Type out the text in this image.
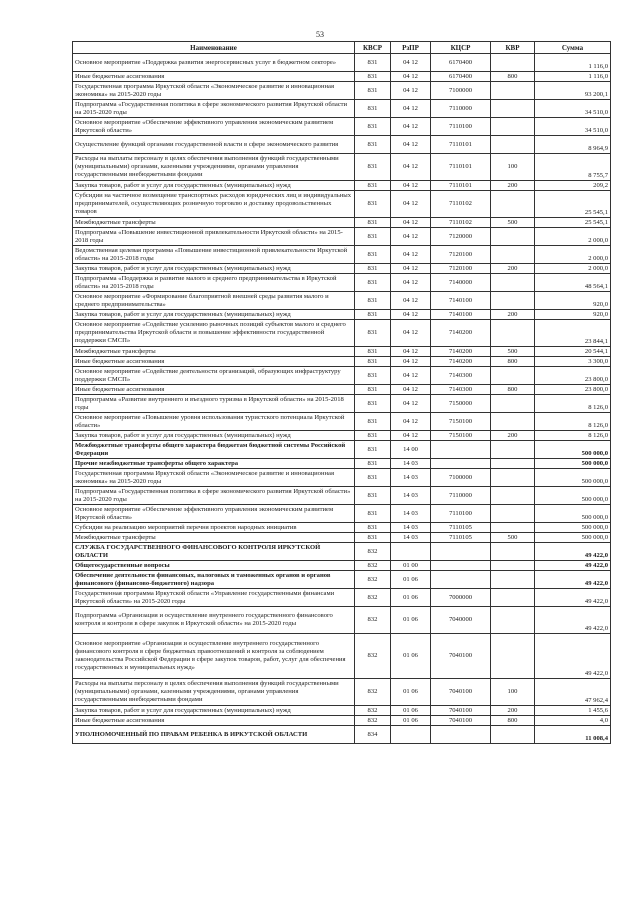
53
Наименование	КВСР	РзПР	КЦСР	КВР	Сумма
Основное мероприятие «Поддержка развития энергосервисных услуг в бюджетном секторе»	831	04 12	6170400		1 116,0
Иные бюджетные ассигнования	831	04 12	6170400	800	1 116,0
Государственная программа Иркутской области «Экономическое развитие и инновационная экономика» на 2015-2020 годы	831	04 12	7100000		93 200,1
Подпрограмма «Государственная политика в сфере экономического развития Иркутской области на 2015-2020 годы	831	04 12	7110000		34 510,0
Основное мероприятие «Обеспечение эффективного управления экономическим развитием Иркутской области»	831	04 12	7110100		34 510,0
Осуществление функций органами государственной власти в сфере экономического развития	831	04 12	7110101		8 964,9
Расходы на выплаты персоналу в целях обеспечения выполнения функций государственными (муниципальными) органами, казенными учреждениями, органами управления государственными внебюджетными фондами	831	04 12	7110101	100	8 755,7
Закупка товаров, работ и услуг для государственных (муниципальных) нужд	831	04 12	7110101	200	209,2
Субсидии на частичное возмещение транспортных расходов юридических лиц и индивидуальных предпринимателей, осуществляющих розничную торговлю и доставку продовольственных товаров	831	04 12	7110102		25 545,1
Межбюджетные трансферты	831	04 12	7110102	500	25 545,1
Подпрограмма «Повышение инвестиционной привлекательности Иркутской области» на 2015-2018 годы	831	04 12	7120000		2 000,0
Ведомственная целевая программа «Повышение инвестиционной привлекательности Иркутской области» на 2015-2018 годы	831	04 12	7120100		2 000,0
Закупка товаров, работ и услуг для государственных (муниципальных) нужд	831	04 12	7120100	200	2 000,0
Подпрограмма «Поддержка и развитие малого и среднего предпринимательства в Иркутской области» на 2015-2018 годы	831	04 12	7140000		48 564,1
Основное мероприятие «Формирование благоприятной внешней среды развития малого и среднего предпринимательства»	831	04 12	7140100		920,0
Закупка товаров, работ и услуг для государственных (муниципальных) нужд	831	04 12	7140100	200	920,0
Основное мероприятие «Содействие усилению рыночных позиций субъектов малого и среднего предпринимательства Иркутской области и повышение эффективности государственной поддержки СМСП»	831	04 12	7140200		23 844,1
Межбюджетные трансферты	831	04 12	7140200	500	20 544,1
Иные бюджетные ассигнования	831	04 12	7140200	800	3 300,0
Основное мероприятие «Содействие деятельности организаций, образующих инфраструктуру поддержки СМСП»	831	04 12	7140300		23 800,0
Иные бюджетные ассигнования	831	04 12	7140300	800	23 800,0
Подпрограмма «Развитие внутреннего и въездного туризма в Иркутской области» на 2015-2018 годы	831	04 12	7150000		8 126,0
Основное мероприятие «Повышение уровня использования туристского потенциала Иркутской области»	831	04 12	7150100		8 126,0
Закупка товаров, работ и услуг для государственных (муниципальных) нужд	831	04 12	7150100	200	8 126,0
Межбюджетные трансферты общего характера бюджетам бюджетной системы Российской Федерации	831	14 00			500 000,0
Прочие межбюджетные трансферты общего характера	831	14 03			500 000,0
Государственная программа Иркутской области «Экономическое развитие и инновационная экономика» на 2015-2020 годы	831	14 03	7100000		500 000,0
Подпрограмма «Государственная политика в сфере экономического развития Иркутской области» на 2015-2020 годы	831	14 03	7110000		500 000,0
Основное мероприятие «Обеспечение эффективного управления экономическим развитием Иркутской области»	831	14 03	7110100		500 000,0
Субсидии на реализацию мероприятий перечня проектов народных инициатив	831	14 03	7110105		500 000,0
Межбюджетные трансферты	831	14 03	7110105	500	500 000,0
СЛУЖБА ГОСУДАРСТВЕННОГО ФИНАНСОВОГО КОНТРОЛЯ ИРКУТСКОЙ ОБЛАСТИ	832				49 422,0
Общегосударственные вопросы	832	01 00			49 422,0
Обеспечение деятельности финансовых, налоговых и таможенных органов и органов финансового (финансово-бюджетного) надзора	832	01 06			49 422,0
Государственная программа Иркутской области «Управление государственными финансами Иркутской области» на 2015-2020 годы	832	01 06	7000000		49 422,0
Подпрограмма «Организация и осуществление внутреннего государственного финансового контроля и контроля в сфере закупок в Иркутской области» на 2015-2020 годы	832	01 06	7040000		49 422,0
Основное мероприятие «Организация и осуществление внутреннего государственного финансового контроля в сфере бюджетных правоотношений и контроля за соблюдением законодательства Российской Федерации в сфере закупок товаров, работ, услуг для обеспечения государственных и муниципальных нужд»	832	01 06	7040100		49 422,0
Расходы на выплаты персоналу в целях обеспечения выполнения функций государственными (муниципальными) органами, казенными учреждениями, органами управления государственными внебюджетными фондами	832	01 06	7040100	100	47 962,4
Закупка товаров, работ и услуг для государственных (муниципальных) нужд	832	01 06	7040100	200	1 455,6
Иные бюджетные ассигнования	832	01 06	7040100	800	4,0
УПОЛНОМОЧЕННЫЙ ПО ПРАВАМ РЕБЕНКА В ИРКУТСКОЙ ОБЛАСТИ	834				11 008,4
